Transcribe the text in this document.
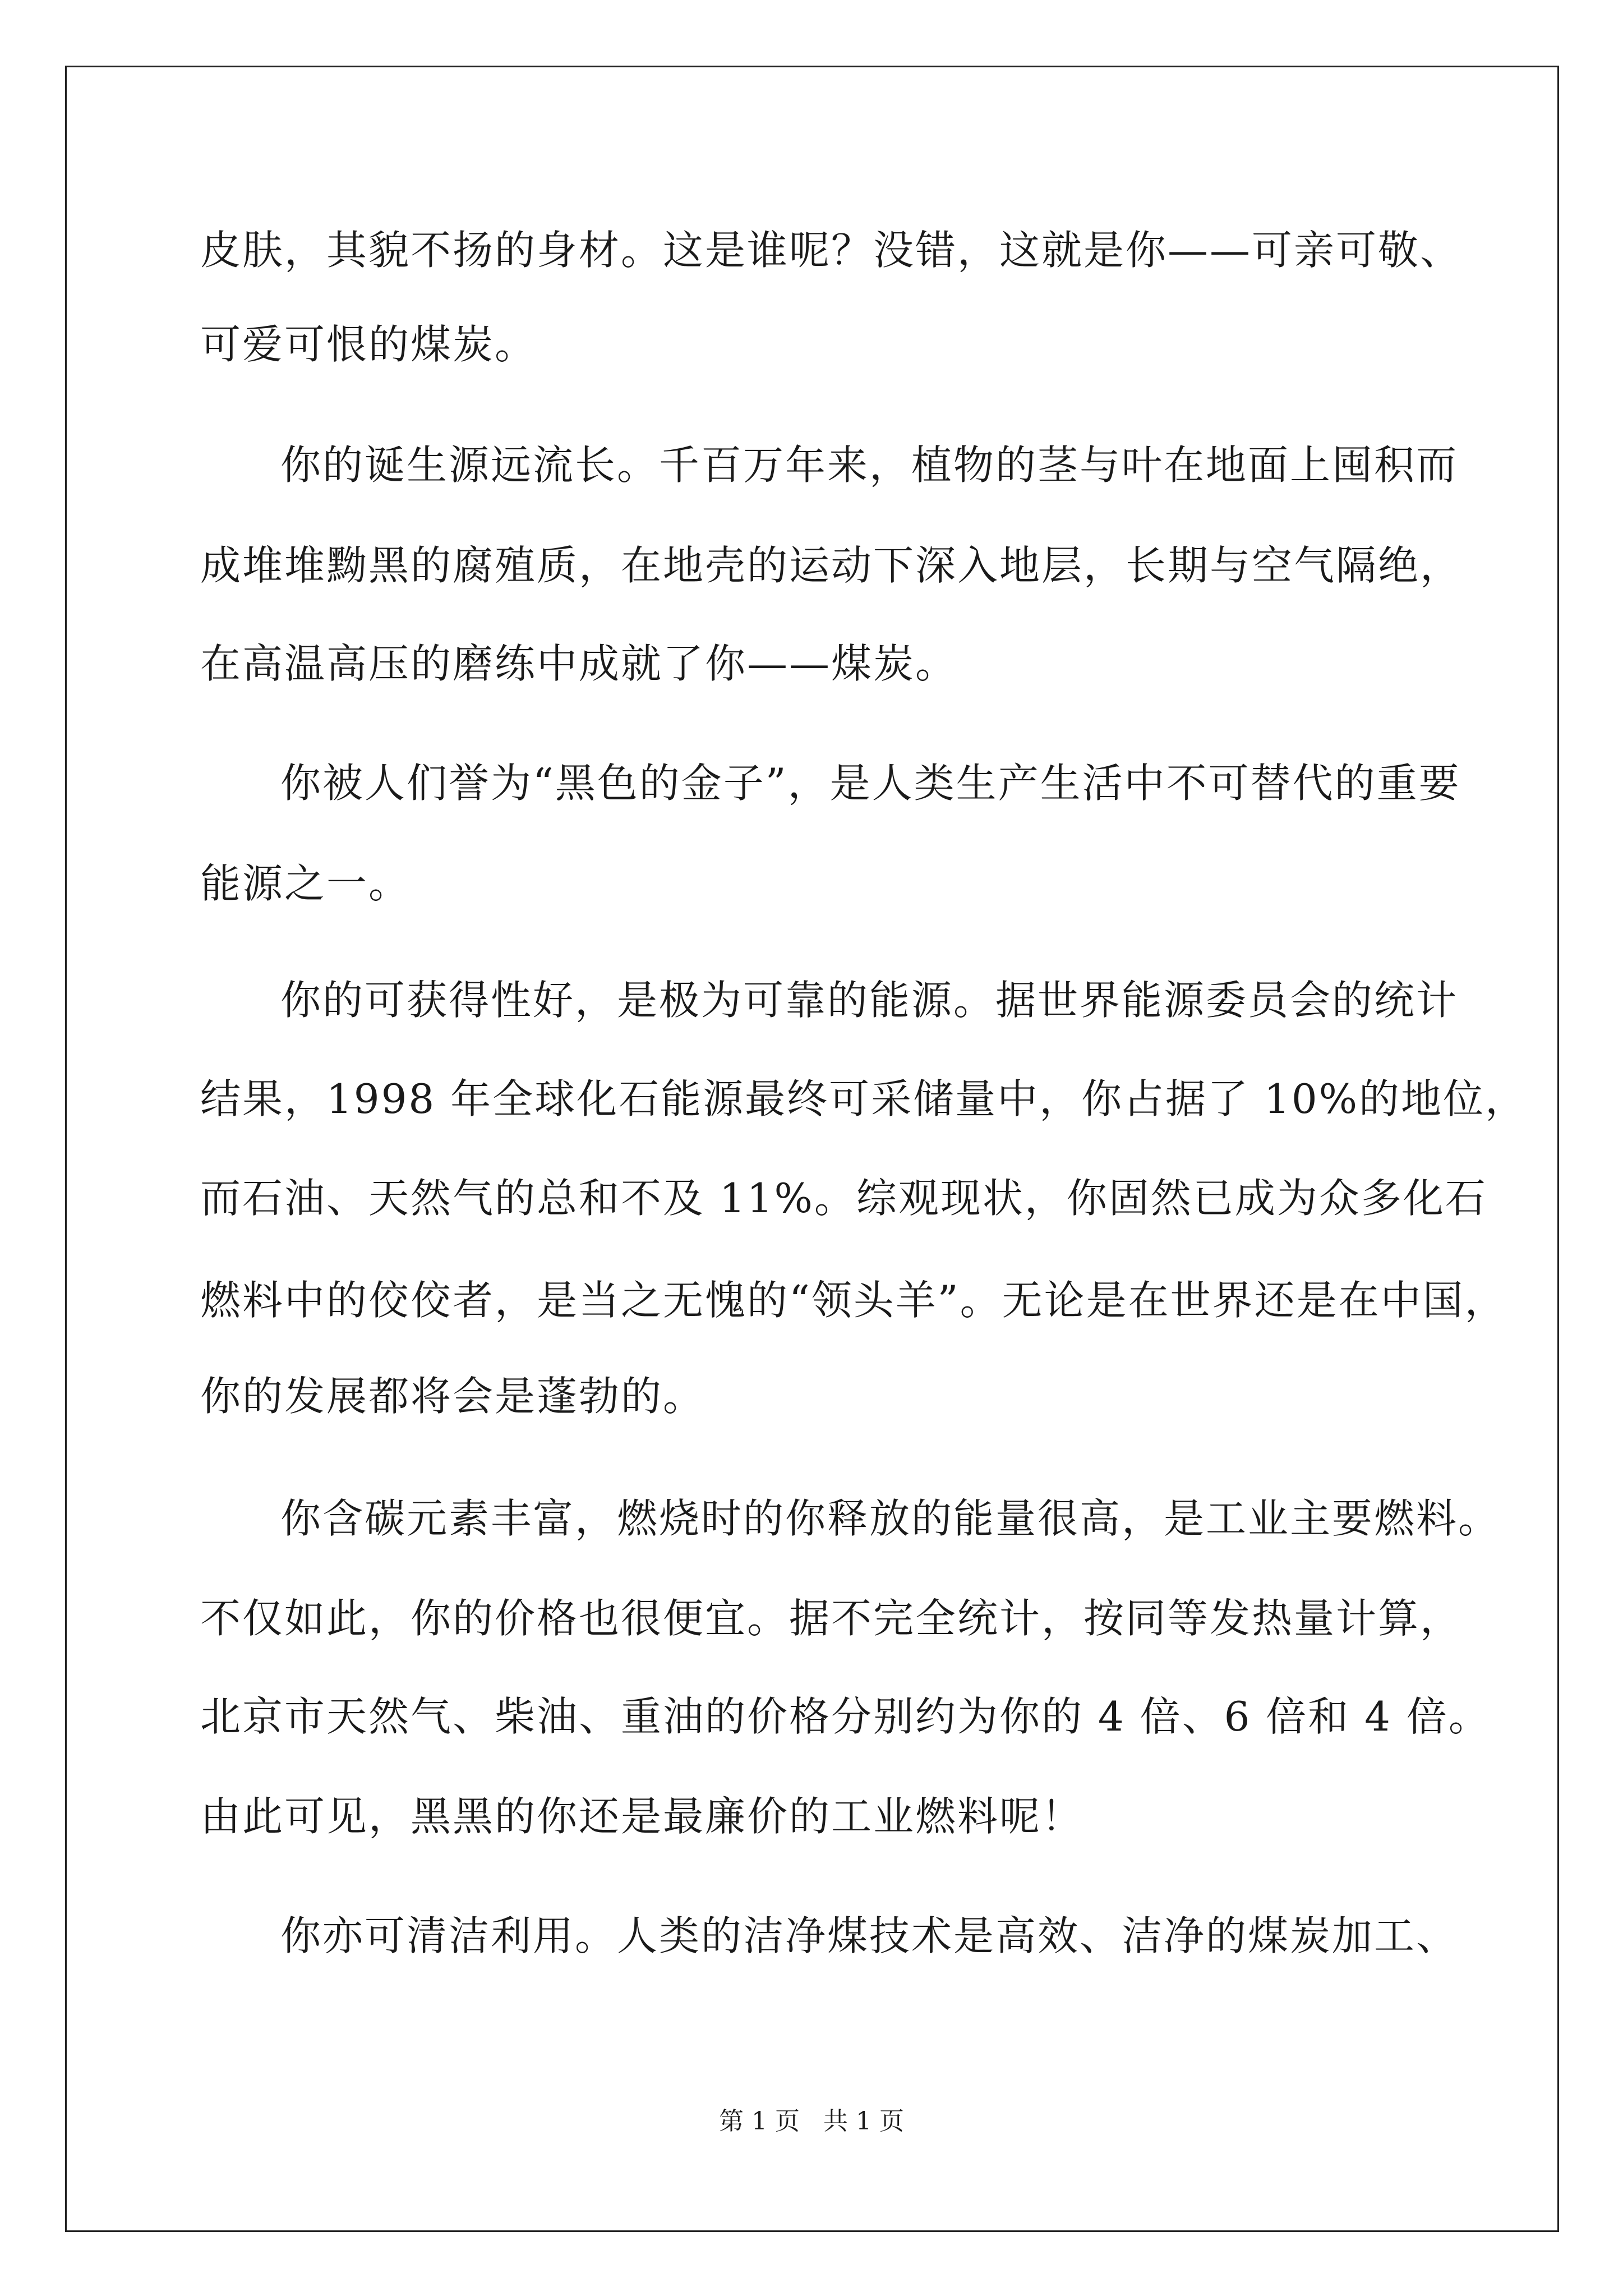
皮肤，其貌不扬的身材。这是谁呢？没错，这就是你——可亲可敬、
可爱可恨的煤炭。
你的诞生源远流长。千百万年来，植物的茎与叶在地面上囤积而
成堆堆黝黑的腐殖质，在地壳的运动下深入地层，长期与空气隔绝，
在高温高压的磨练中成就了你——煤炭。
你被人们誉为“黑色的金子”，是人类生产生活中不可替代的重要
能源之一。
你的可获得性好，是极为可靠的能源。据世界能源委员会的统计
结果，1998 年全球化石能源最终可采储量中，你占据了 10%的地位，
而石油、天然气的总和不及 11%。综观现状，你固然已成为众多化石
燃料中的佼佼者，是当之无愧的“领头羊”。无论是在世界还是在中国，
你的发展都将会是蓬勃的。
你含碳元素丰富，燃烧时的你释放的能量很高，是工业主要燃料。
不仅如此，你的价格也很便宜。据不完全统计，按同等发热量计算，
北京市天然气、柴油、重油的价格分别约为你的 4 倍、6 倍和 4 倍。
由此可见，黑黑的你还是最廉价的工业燃料呢！
你亦可清洁利用。人类的洁净煤技术是高效、洁净的煤炭加工、
第 1 页   共 1 页
